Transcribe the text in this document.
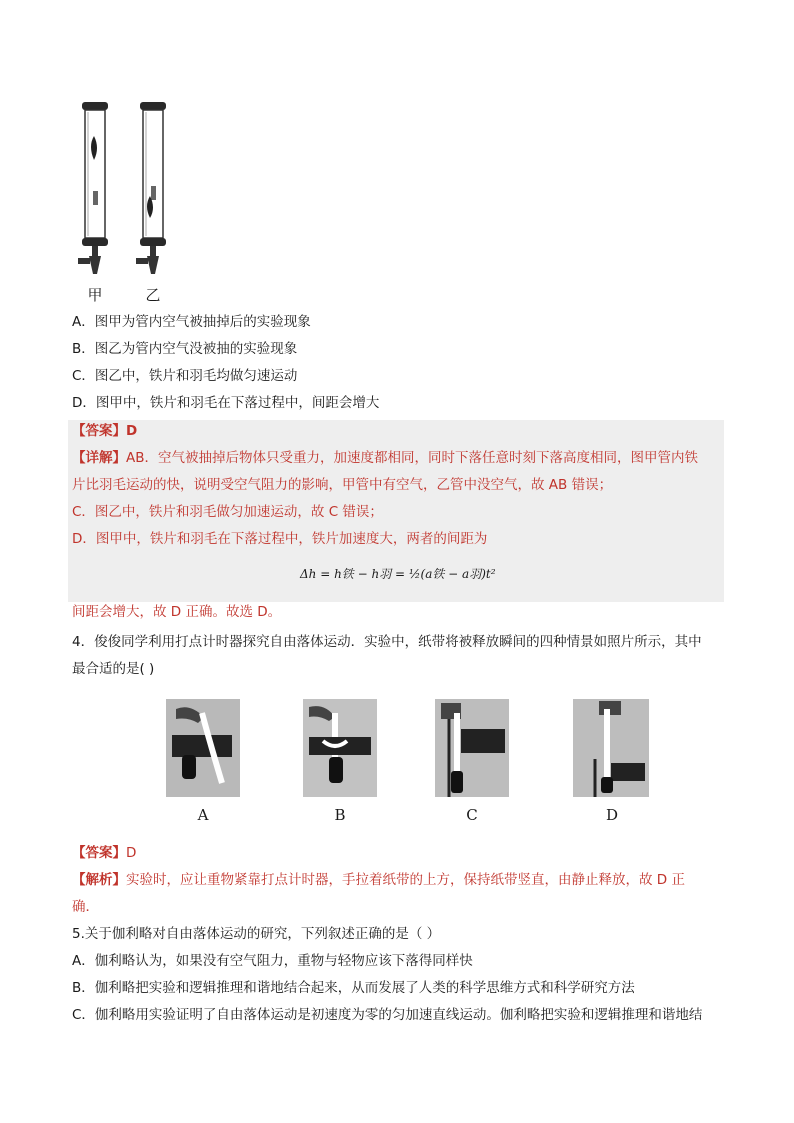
甲	乙
A．图甲为管内空气被抽掉后的实验现象
B．图乙为管内空气没被抽的实验现象
C．图乙中，铁片和羽毛均做匀速运动
D．图甲中，铁片和羽毛在下落过程中，间距会增大
【答案】D
【详解】AB．空气被抽掉后物体只受重力，加速度都相同，同时下落任意时刻下落高度相同，图甲管内铁
片比羽毛运动的快，说明受空气阻力的影响，甲管中有空气，乙管中没空气，故 AB 错误；
C．图乙中，铁片和羽毛做匀加速运动，故 C 错误；
D．图甲中，铁片和羽毛在下落过程中，铁片加速度大，两者的间距为
Δh = h铁 − h羽 = ½(a铁 − a羽)t²
间距会增大，故 D 正确。故选 D。
4．俊俊同学利用打点计时器探究自由落体运动．实验中，纸带将被释放瞬间的四种情景如照片所示，其中
最合适的是( )
A	B	C	D
【答案】D
【解析】实验时，应让重物紧靠打点计时器，手拉着纸带的上方，保持纸带竖直，由静止释放，故 D 正
确．
5.关于伽利略对自由落体运动的研究，下列叙述正确的是（ ）
A．伽利略认为，如果没有空气阻力，重物与轻物应该下落得同样快
B．伽利略把实验和逻辑推理和谐地结合起来，从而发展了人类的科学思维方式和科学研究方法
C．伽利略用实验证明了自由落体运动是初速度为零的匀加速直线运动。伽利略把实验和逻辑推理和谐地结
